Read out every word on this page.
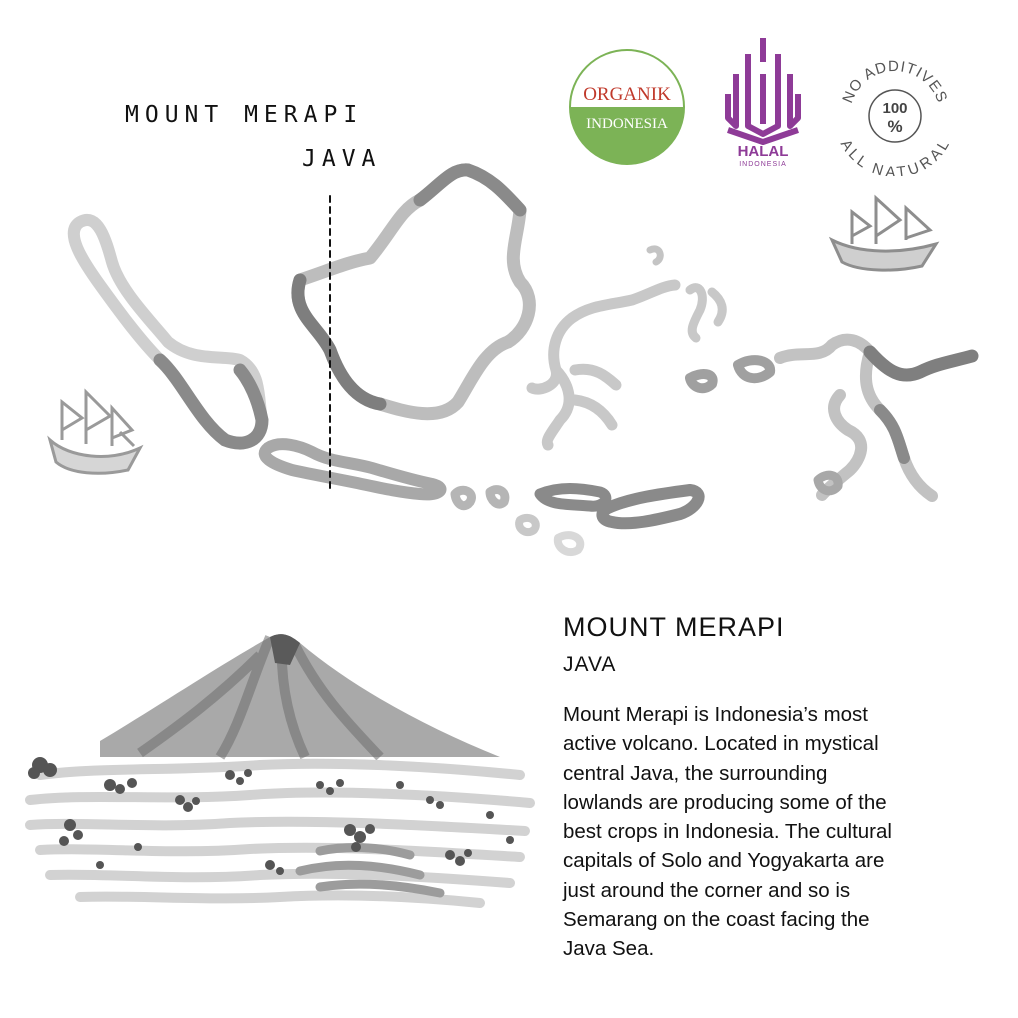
MOUNT MERAPI
JAVA
ORGANIK
INDONESIA
HALAL
INDONESIA
NO ADDITIVES
ALL NATURAL
100
%
MOUNT MERAPI
JAVA
Mount Merapi is Indonesia’s most
active volcano. Located in mystical
central Java, the surrounding
lowlands are producing some of the
best crops in Indonesia. The cultural
capitals of Solo and Yogyakarta are
just around the corner and so is
Semarang on the coast facing the
Java Sea.
